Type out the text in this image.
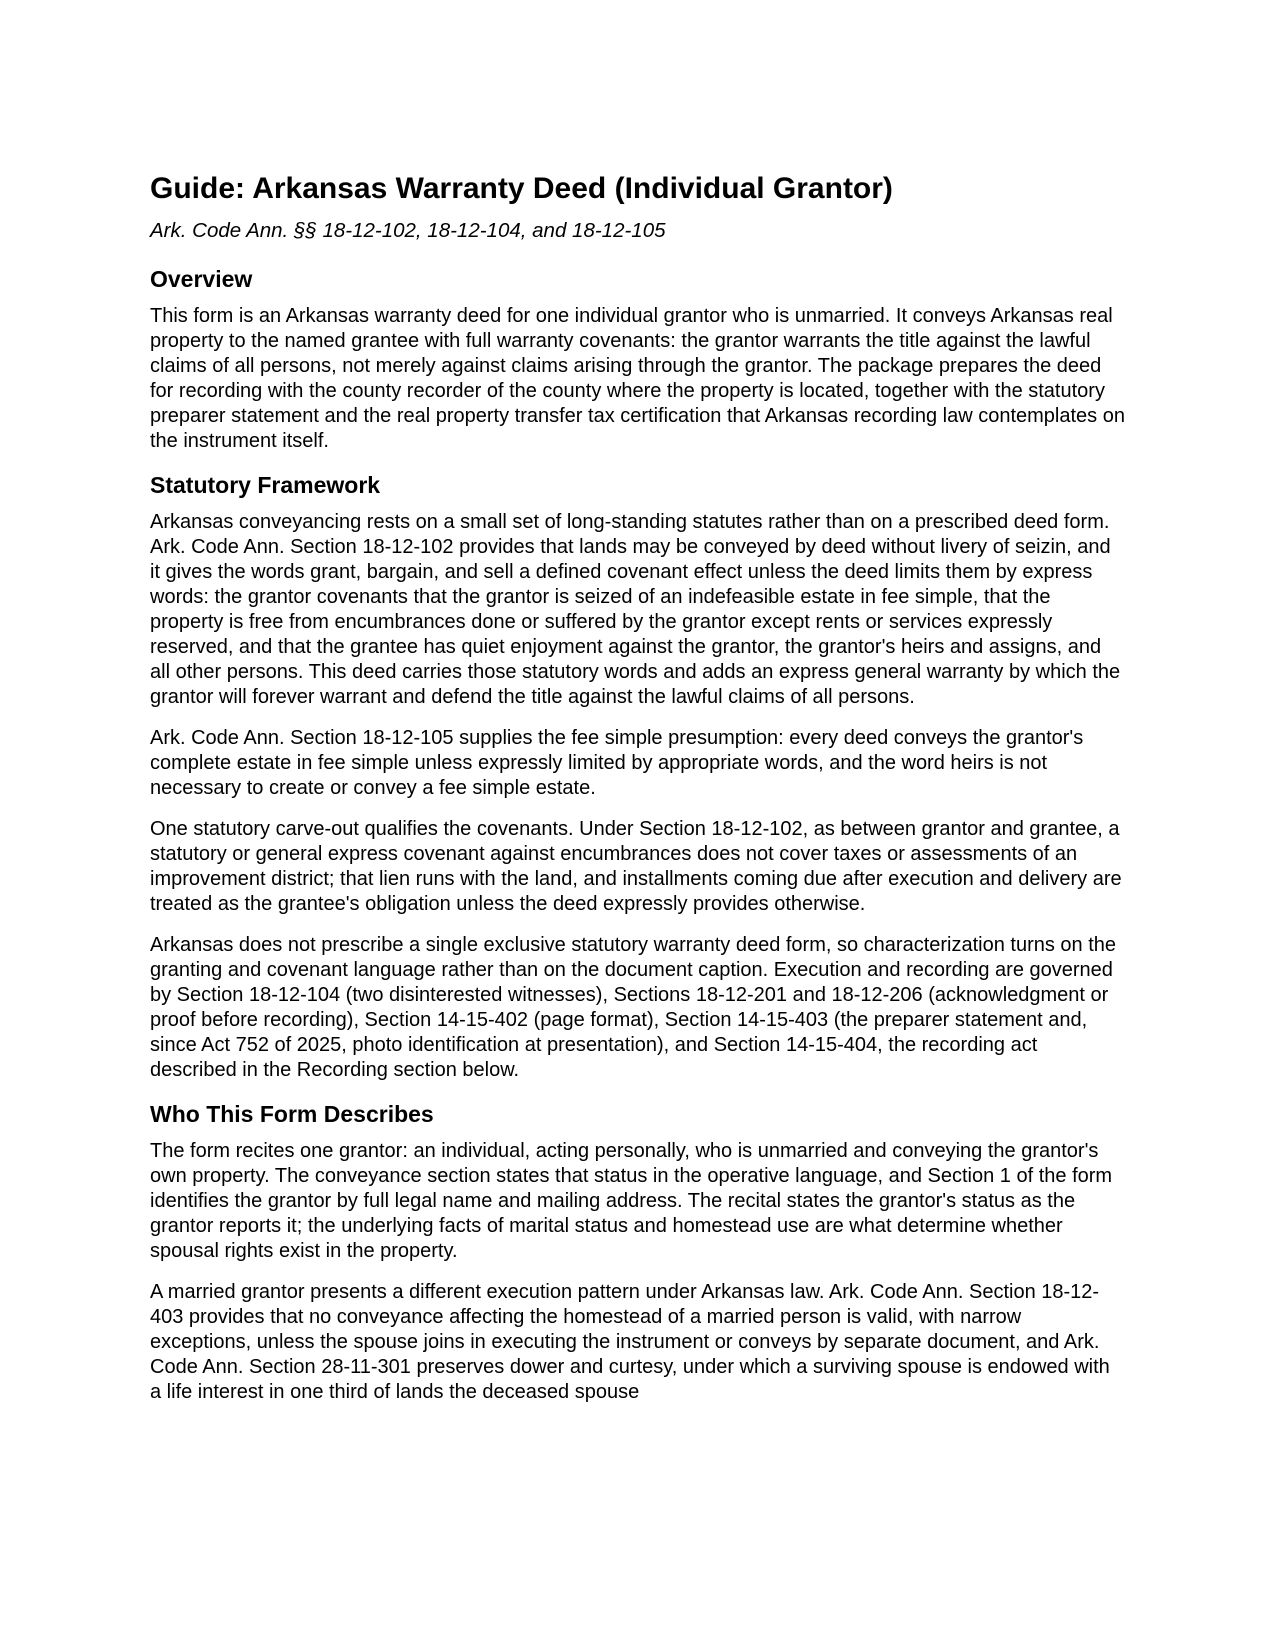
Guide: Arkansas Warranty Deed (Individual Grantor)
Ark. Code Ann. §§ 18-12-102, 18-12-104, and 18-12-105
Overview

This form is an Arkansas warranty deed for one individual grantor who is unmarried. It conveys Arkansas real property to the named grantee with full warranty covenants: the grantor warrants the title against the lawful claims of all persons, not merely against claims arising through the grantor. The package prepares the deed for recording with the county recorder of the county where the property is located, together with the statutory preparer statement and the real property transfer tax certification that Arkansas recording law contemplates on the instrument itself.

Statutory Framework

Arkansas conveyancing rests on a small set of long-standing statutes rather than on a prescribed deed form. Ark. Code Ann. Section 18-12-102 provides that lands may be conveyed by deed without livery of seizin, and it gives the words grant, bargain, and sell a defined covenant effect unless the deed limits them by express words: the grantor covenants that the grantor is seized of an indefeasible estate in fee simple, that the property is free from encumbrances done or suffered by the grantor except rents or services expressly reserved, and that the grantee has quiet enjoyment against the grantor, the grantor's heirs and assigns, and all other persons. This deed carries those statutory words and adds an express general warranty by which the grantor will forever warrant and defend the title against the lawful claims of all persons.

Ark. Code Ann. Section 18-12-105 supplies the fee simple presumption: every deed conveys the grantor's complete estate in fee simple unless expressly limited by appropriate words, and the word heirs is not necessary to create or convey a fee simple estate.

One statutory carve-out qualifies the covenants. Under Section 18-12-102, as between grantor and grantee, a statutory or general express covenant against encumbrances does not cover taxes or assessments of an improvement district; that lien runs with the land, and installments coming due after execution and delivery are treated as the grantee's obligation unless the deed expressly provides otherwise.

Arkansas does not prescribe a single exclusive statutory warranty deed form, so characterization turns on the granting and covenant language rather than on the document caption. Execution and recording are governed by Section 18-12-104 (two disinterested witnesses), Sections 18-12-201 and 18-12-206 (acknowledgment or proof before recording), Section 14-15-402 (page format), Section 14-15-403 (the preparer statement and, since Act 752 of 2025, photo identification at presentation), and Section 14-15-404, the recording act described in the Recording section below.

Who This Form Describes

The form recites one grantor: an individual, acting personally, who is unmarried and conveying the grantor's own property. The conveyance section states that status in the operative language, and Section 1 of the form identifies the grantor by full legal name and mailing address. The recital states the grantor's status as the grantor reports it; the underlying facts of marital status and homestead use are what determine whether spousal rights exist in the property.

A married grantor presents a different execution pattern under Arkansas law. Ark. Code Ann. Section 18-12-403 provides that no conveyance affecting the homestead of a married person is valid, with narrow exceptions, unless the spouse joins in executing the instrument or conveys by separate document, and Ark. Code Ann. Section 28-11-301 preserves dower and curtesy, under which a surviving spouse is endowed with a life interest in one third of lands the deceased spouse
